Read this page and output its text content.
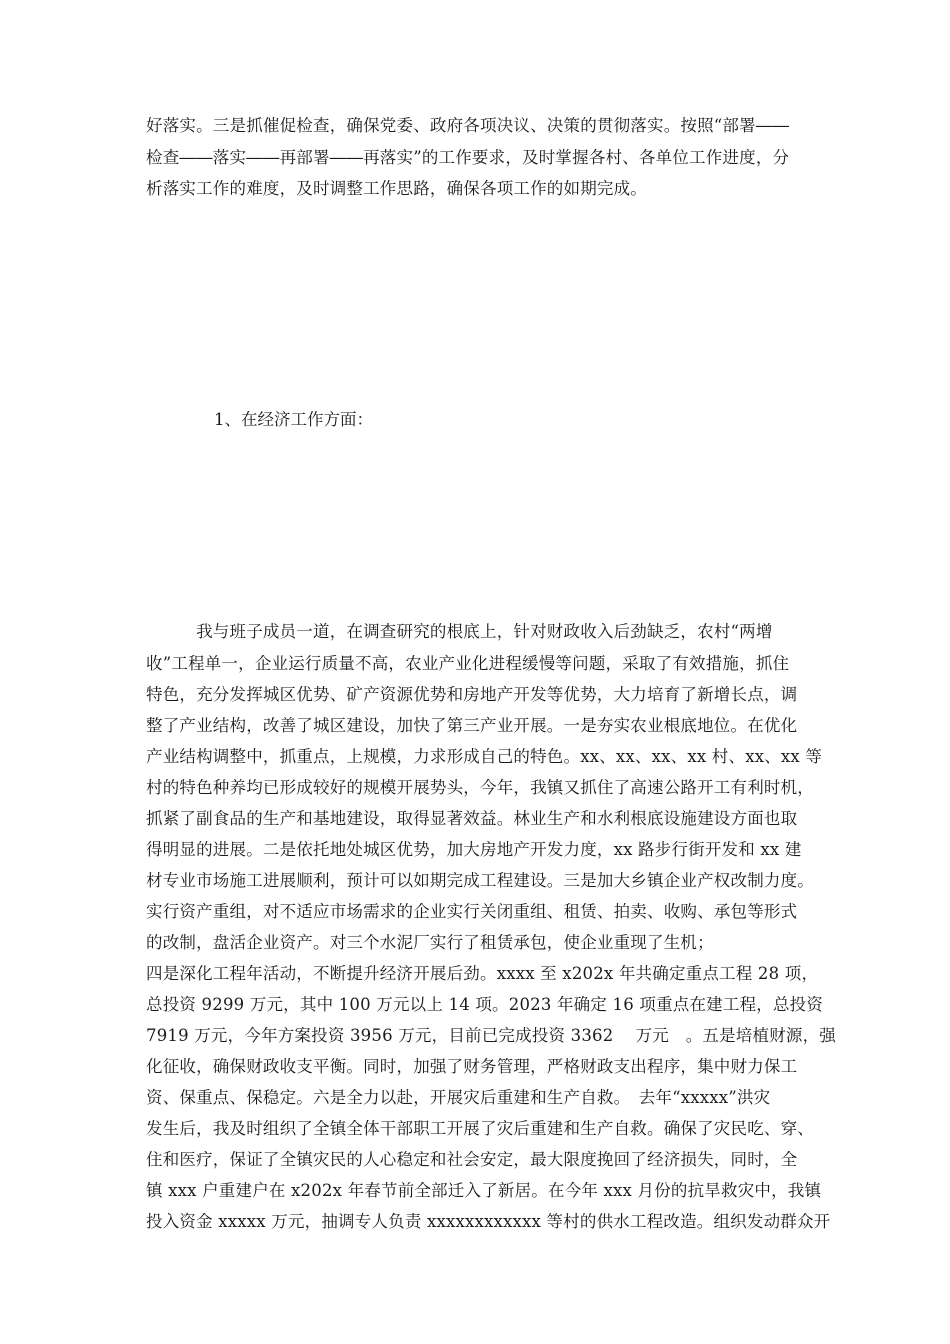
好落实。三是抓催促检查，确保党委、政府各项决议、决策的贯彻落实。按照“部署――
检查――落实――再部署――再落实”的工作要求，及时掌握各村、各单位工作进度，分
析落实工作的难度，及时调整工作思路，确保各项工作的如期完成。
1、在经济工作方面：
　　　我与班子成员一道，在调查研究的根底上，针对财政收入后劲缺乏，农村“两增
收”工程单一，企业运行质量不高，农业产业化进程缓慢等问题，采取了有效措施，抓住
特色，充分发挥城区优势、矿产资源优势和房地产开发等优势，大力培育了新增长点，调
整了产业结构，改善了城区建设，加快了第三产业开展。一是夯实农业根底地位。在优化
产业结构调整中，抓重点，上规模，力求形成自己的特色。xx、xx、xx、xx 村、xx、xx 等
村的特色种养均已形成较好的规模开展势头，今年，我镇又抓住了高速公路开工有利时机，
抓紧了副食品的生产和基地建设，取得显著效益。林业生产和水利根底设施建设方面也取
得明显的进展。二是依托地处城区优势，加大房地产开发力度，xx 路步行街开发和 xx 建
材专业市场施工进展顺利，预计可以如期完成工程建设。三是加大乡镇企业产权改制力度。
实行资产重组，对不适应市场需求的企业实行关闭重组、租赁、拍卖、收购、承包等形式
的改制，盘活企业资产。对三个水泥厂实行了租赁承包，使企业重现了生机；
四是深化工程年活动，不断提升经济开展后劲。xxxx 至 x202x 年共确定重点工程 28 项，
总投资 9299 万元，其中 100 万元以上 14 项。2023 年确定 16 项重点在建工程，总投资
7919 万元，今年方案投资 3956 万元，目前已完成投资 3362　 万元　。五是培植财源，强
化征收，确保财政收支平衡。同时，加强了财务管理，严格财政支出程序，集中财力保工
资、保重点、保稳定。六是全力以赴，开展灾后重建和生产自救。　去年“xxxxx”洪灾
发生后，我及时组织了全镇全体干部职工开展了灾后重建和生产自救。确保了灾民吃、穿、
住和医疗，保证了全镇灾民的人心稳定和社会安定，最大限度挽回了经济损失，同时，全
镇 xxx 户重建户在 x202x 年春节前全部迁入了新居。在今年 xxx 月份的抗旱救灾中，我镇
投入资金 xxxxx 万元，抽调专人负责 xxxxxxxxxxxx 等村的供水工程改造。组织发动群众开
